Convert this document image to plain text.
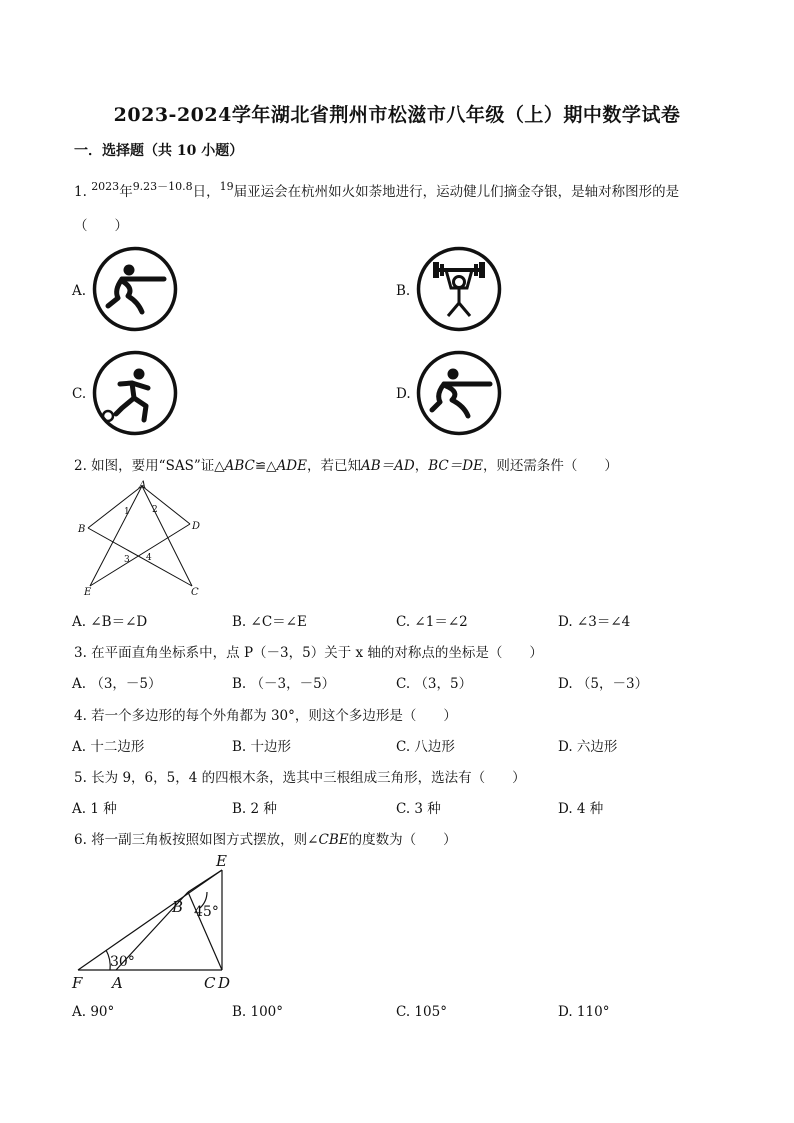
2023-2024学年湖北省荆州市松滋市八年级（上）期中数学试卷
一．选择题（共 10 小题）
1. $^{2023}$年$^{9.23-10.8}$日，$^{19}$届亚运会在杭州如火如荼地进行，运动健儿们摘金夺银，是轴对称图形的是
（　　）
A.	B.
C.	D.
2. 如图，要用“SAS”证△ABC≌△ADE，若已知AB＝AD，BC＝DE，则还需条件（　　）
A
B	D
E	C
1 2
3 4
A. ∠B＝∠D	B. ∠C＝∠E	C. ∠1＝∠2	D. ∠3＝∠4
3. 在平面直角坐标系中，点 P（－3，5）关于 x 轴的对称点的坐标是（　　）
A. （3，－5）	B. （－3，－5）	C. （3，5）	D. （5，－3）
4. 若一个多边形的每个外角都为 30°，则这个多边形是（　　）
A. 十二边形	B. 十边形	C. 八边形	D. 六边形
5. 长为 9，6，5，4 的四根木条，选其中三根组成三角形，选法有（　　）
A. 1 种	B. 2 种	C. 3 种	D. 4 种
6. 将一副三角板按照如图方式摆放，则∠CBE的度数为（　　）
E
B
F A	C D
45°
30°
A. 90°	B. 100°	C. 105°	D. 110°
